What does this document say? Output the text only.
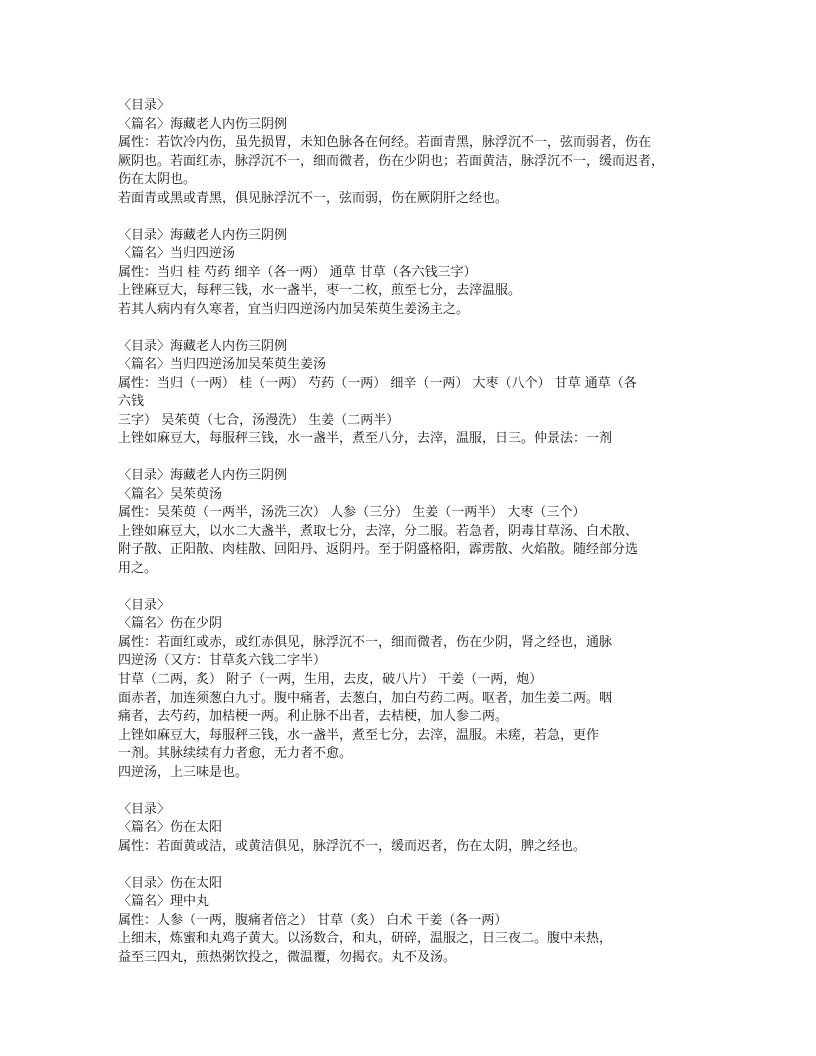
〈目录〉
〈篇名〉海藏老人内伤三阴例
属性：若饮冷内伤，虽先损胃，未知色脉各在何经。若面青黑，脉浮沉不一，弦而弱者，伤在
厥阴也。若面红赤，脉浮沉不一，细而微者，伤在少阴也；若面黄洁，脉浮沉不一，缓而迟者，
伤在太阴也。
若面青或黑或青黑，俱见脉浮沉不一，弦而弱，伤在厥阴肝之经也。
〈目录〉海藏老人内伤三阴例
〈篇名〉当归四逆汤
属性：当归 桂 芍药 细辛（各一两） 通草 甘草（各六钱三字）
上锉麻豆大，每秤三钱，水一盏半，枣一二枚，煎至七分，去滓温服。
若其人病内有久寒者，宜当归四逆汤内加吴茱萸生姜汤主之。
〈目录〉海藏老人内伤三阴例
〈篇名〉当归四逆汤加吴茱萸生姜汤
属性：当归（一两） 桂（一两） 芍药（一两） 细辛（一两） 大枣（八个） 甘草 通草（各
六钱
三字） 吴茱萸（七合，汤漫洗） 生姜（二两半）
上锉如麻豆大，每服秤三钱，水一盏半，煮至八分，去滓，温服，日三。仲景法：一剂
〈目录〉海藏老人内伤三阴例
〈篇名〉吴茱萸汤
属性：吴茱萸（一两半，汤洗三次） 人参（三分） 生姜（一两半） 大枣（三个）
上锉如麻豆大，以水二大盏半，煮取七分，去滓，分二服。若急者，阴毒甘草汤、白术散、
附子散、正阳散、肉桂散、回阳丹、返阴丹。至于阴盛格阳，霹雳散、火焰散。随经部分选
用之。
〈目录〉
〈篇名〉伤在少阴
属性：若面红或赤，或红赤俱见，脉浮沉不一，细而微者，伤在少阴，肾之经也，通脉
四逆汤（又方：甘草炙六钱二字半）
甘草（二两，炙） 附子（一两，生用，去皮，破八片） 干姜（一两，炮）
面赤者，加连须葱白九寸。腹中痛者，去葱白，加白芍药二两。呕者，加生姜二两。咽
痛者，去芍药，加桔梗一两。利止脉不出者，去桔梗，加人参二两。
上锉如麻豆大，每服秤三钱，水一盏半，煮至七分，去滓，温服。未瘥，若急，更作
一剂。其脉续续有力者愈，无力者不愈。
四逆汤，上三味是也。
〈目录〉
〈篇名〉伤在太阳
属性：若面黄或洁，或黄洁俱见，脉浮沉不一，缓而迟者，伤在太阴，脾之经也。
〈目录〉伤在太阳
〈篇名〉理中丸
属性：人参（一两，腹痛者倍之） 甘草（炙） 白术 干姜（各一两）
上细末，炼蜜和丸鸡子黄大。以汤数合，和丸，研碎，温服之，日三夜二。腹中未热，
益至三四丸，煎热粥饮投之，微温覆，勿揭衣。丸不及汤。
